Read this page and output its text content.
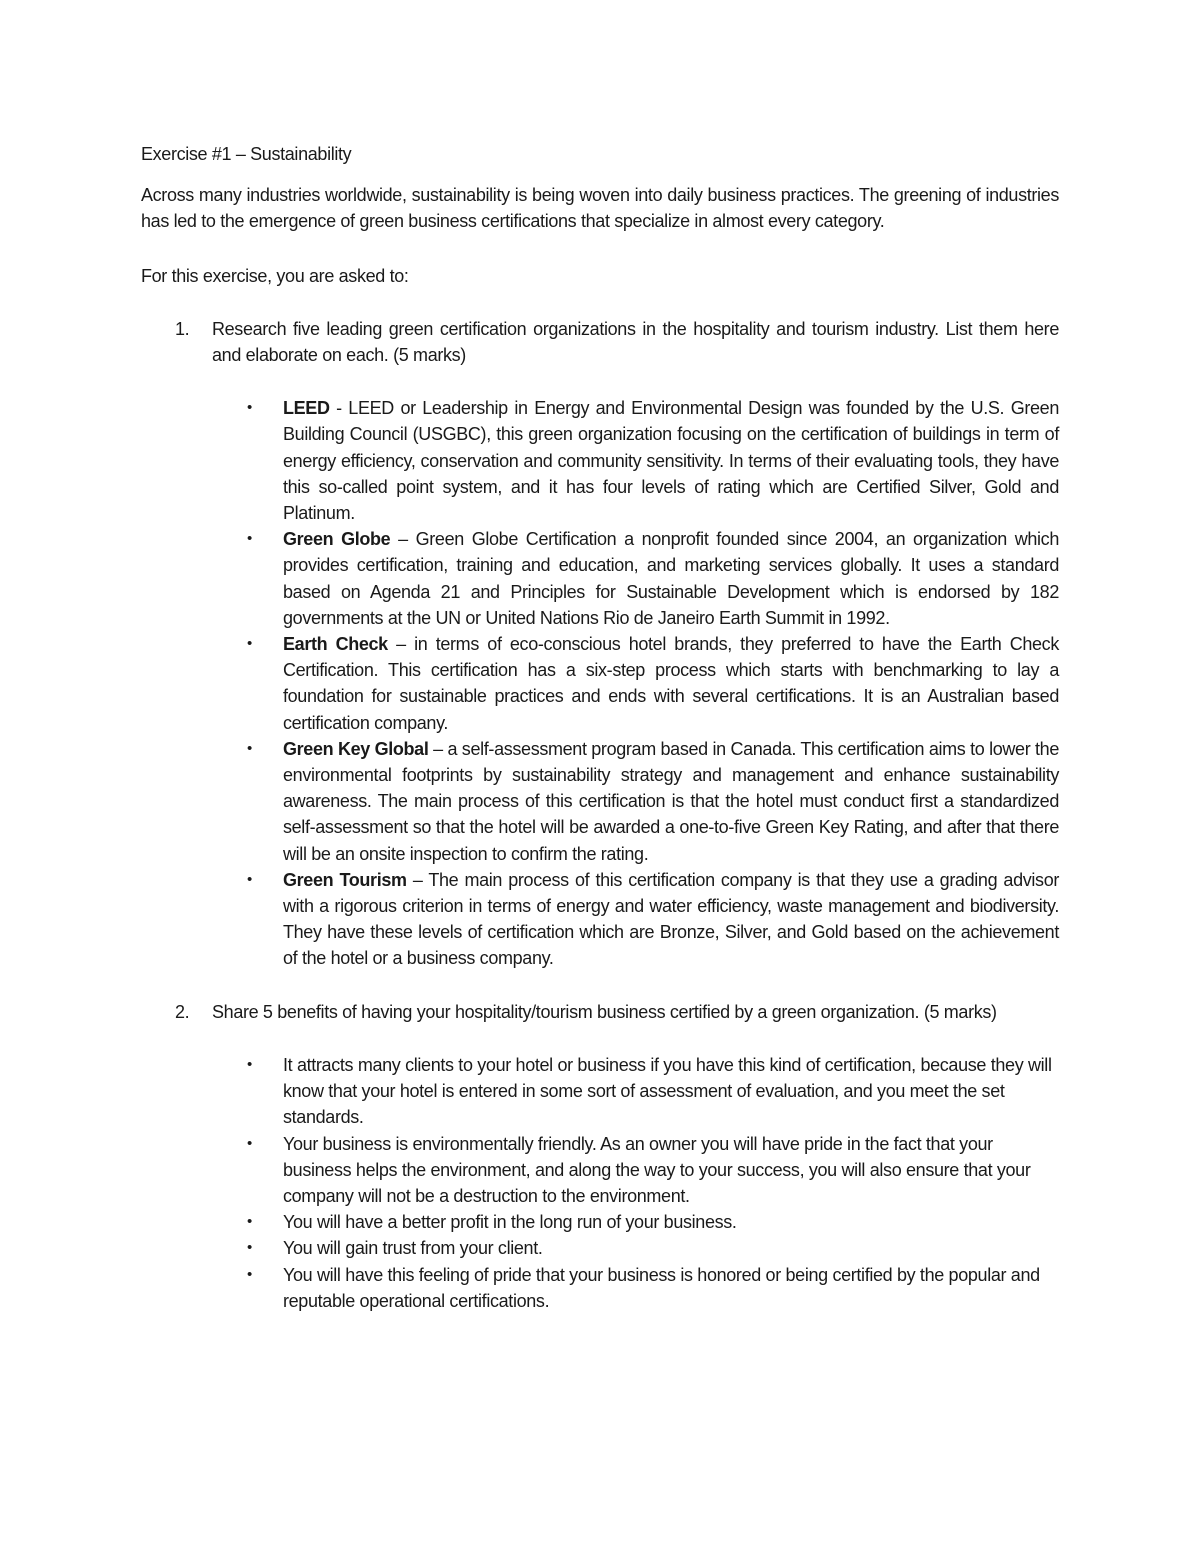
Exercise #1 – Sustainability

Across many industries worldwide, sustainability is being woven into daily business practices. The greening of industries has led to the emergence of green business certifications that specialize in almost every category.

For this exercise, you are asked to:

1. Research five leading green certification organizations in the hospitality and tourism industry. List them here and elaborate on each. (5 marks)
• LEED - LEED or Leadership in Energy and Environmental Design was founded by the U.S. Green Building Council (USGBC), this green organization focusing on the certification of buildings in term of energy efficiency, conservation and community sensitivity. In terms of their evaluating tools, they have this so-called point system, and it has four levels of rating which are Certified Silver, Gold and Platinum.
• Green Globe – Green Globe Certification a nonprofit founded since 2004, an organization which provides certification, training and education, and marketing services globally. It uses a standard based on Agenda 21 and Principles for Sustainable Development which is endorsed by 182 governments at the UN or United Nations Rio de Janeiro Earth Summit in 1992.
• Earth Check – in terms of eco-conscious hotel brands, they preferred to have the Earth Check Certification. This certification has a six-step process which starts with benchmarking to lay a foundation for sustainable practices and ends with several certifications. It is an Australian based certification company.
• Green Key Global – a self-assessment program based in Canada. This certification aims to lower the environmental footprints by sustainability strategy and management and enhance sustainability awareness. The main process of this certification is that the hotel must conduct first a standardized self-assessment so that the hotel will be awarded a one-to-five Green Key Rating, and after that there will be an onsite inspection to confirm the rating.
• Green Tourism – The main process of this certification company is that they use a grading advisor with a rigorous criterion in terms of energy and water efficiency, waste management and biodiversity. They have these levels of certification which are Bronze, Silver, and Gold based on the achievement of the hotel or a business company.
2. Share 5 benefits of having your hospitality/tourism business certified by a green organization. (5 marks)
• It attracts many clients to your hotel or business if you have this kind of certification, because they will know that your hotel is entered in some sort of assessment of evaluation, and you meet the set standards.
• Your business is environmentally friendly. As an owner you will have pride in the fact that your business helps the environment, and along the way to your success, you will also ensure that your company will not be a destruction to the environment.
• You will have a better profit in the long run of your business.
• You will gain trust from your client.
• You will have this feeling of pride that your business is honored or being certified by the popular and reputable operational certifications.
